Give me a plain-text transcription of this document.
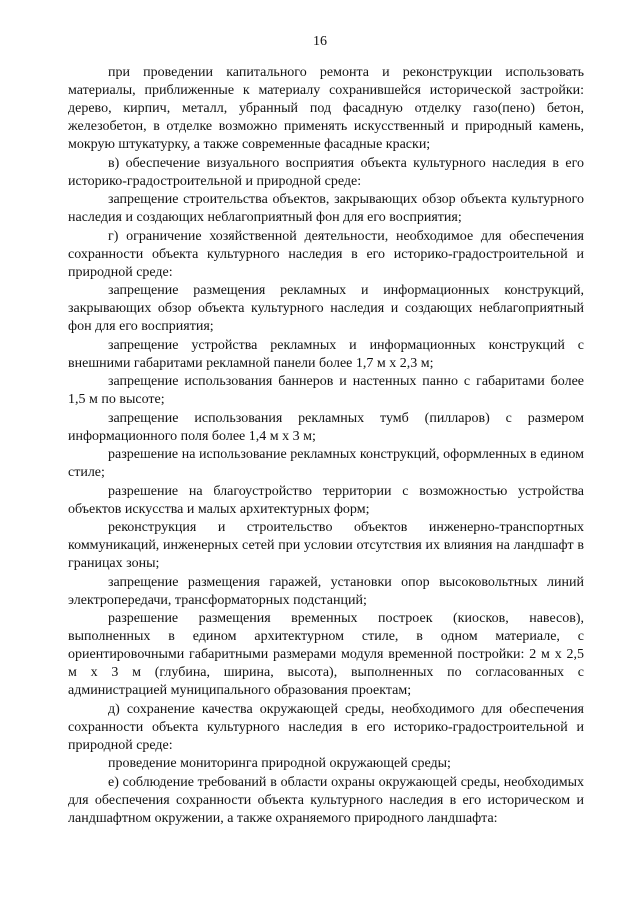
16

при проведении капитального ремонта и реконструкции использовать материалы, приближенные к материалу сохранившейся исторической застройки: дерево, кирпич, металл, убранный под фасадную отделку газо(пено) бетон, железобетон, в отделке возможно применять искусственный и природный камень, мокрую штукатурку, а также современные фасадные краски;

в) обеспечение визуального восприятия объекта культурного наследия в его историко-градостроительной и природной среде:

запрещение строительства объектов, закрывающих обзор объекта культурного наследия и создающих неблагоприятный фон для его восприятия;

г) ограничение хозяйственной деятельности, необходимое для обеспечения сохранности объекта культурного наследия в его историко-градостроительной и природной среде:

запрещение размещения рекламных и информационных конструкций, закрывающих обзор объекта культурного наследия и создающих неблагоприятный фон для его восприятия;

запрещение устройства рекламных и информационных конструкций с внешними габаритами рекламной панели более 1,7 м х 2,3 м;

запрещение использования баннеров и настенных панно с габаритами более 1,5 м по высоте;

запрещение использования рекламных тумб (пилларов) с размером информационного поля более 1,4 м х 3 м;

разрешение на использование рекламных конструкций, оформленных в едином стиле;

разрешение на благоустройство территории с возможностью устройства объектов искусства и малых архитектурных форм;

реконструкция и строительство объектов инженерно-транспортных коммуникаций, инженерных сетей при условии отсутствия их влияния на ландшафт в границах зоны;

запрещение размещения гаражей, установки опор высоковольтных линий электропередачи, трансформаторных подстанций;

разрешение размещения временных построек (киосков, навесов), выполненных в едином архитектурном стиле, в одном материале, с ориентировочными габаритными размерами модуля временной постройки: 2 м х 2,5 м х 3 м (глубина, ширина, высота), выполненных по согласованных с администрацией муниципального образования проектам;

д) сохранение качества окружающей среды, необходимого для обеспечения сохранности объекта культурного наследия в его историко-градостроительной и природной среде:

проведение мониторинга природной окружающей среды;

е) соблюдение требований в области охраны окружающей среды, необходимых для обеспечения сохранности объекта культурного наследия в его историческом и ландшафтном окружении, а также охраняемого природного ландшафта:
